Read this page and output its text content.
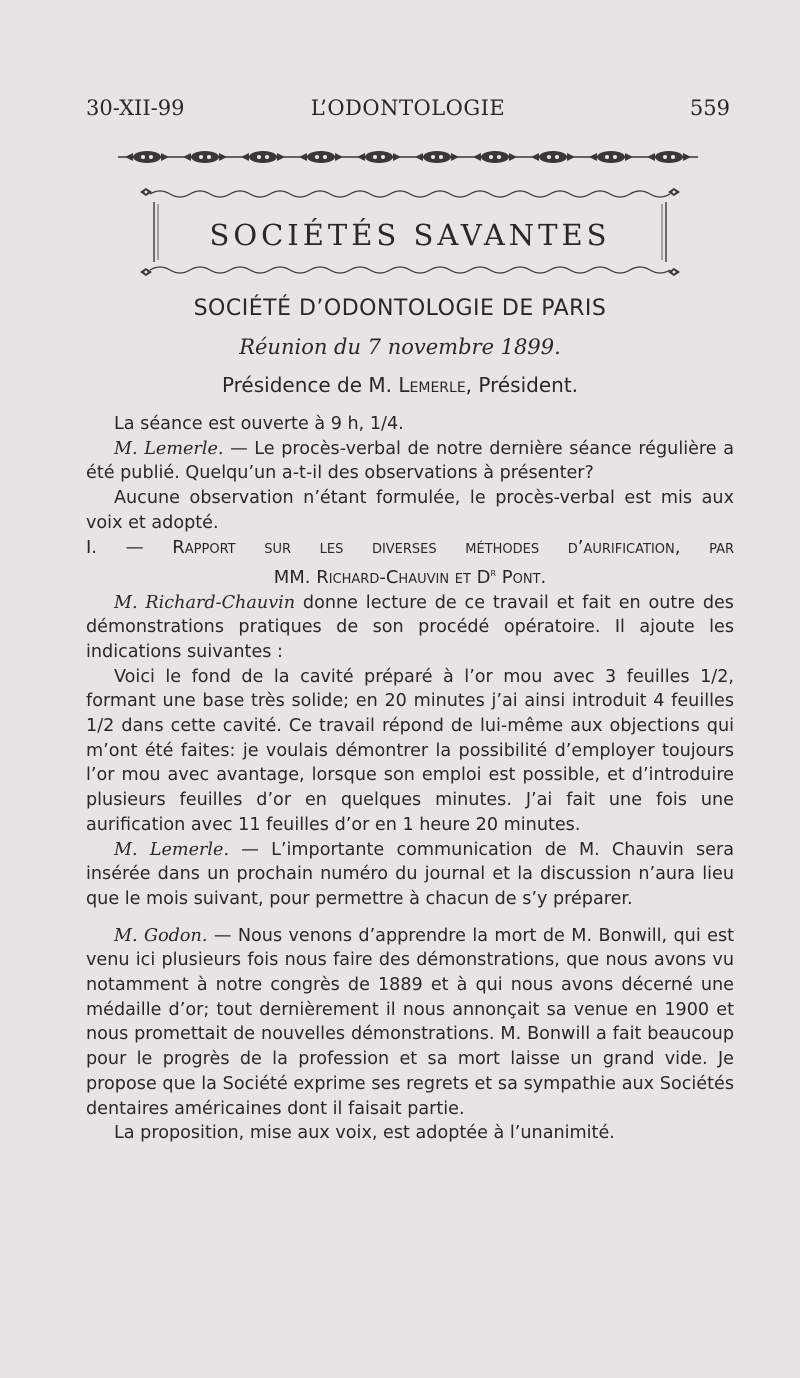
30-XII-99	L’ODONTOLOGIE	559
SOCIÉTÉS SAVANTES
SOCIÉTÉ D’ODONTOLOGIE DE PARIS
Réunion du 7 novembre 1899.
Présidence de M. Lemerle, Président.

La séance est ouverte à 9 h, 1/4.

M. Lemerle. — Le procès-verbal de notre dernière séance régulière a été publié. Quelqu’un a-t-il des observations à présenter?

Aucune observation n’étant formulée, le procès-verbal est mis aux voix et adopté.

I. — Rapport sur les diverses méthodes d’aurification, par

MM. Richard-Chauvin et $D^r$ Pont.

M. Richard-Chauvin donne lecture de ce travail et fait en outre des démonstrations pratiques de son procédé opératoire. Il ajoute les indications suivantes :

Voici le fond de la cavité préparé à l’or mou avec 3 feuilles 1/2, formant une base très solide; en 20 minutes j’ai ainsi introduit 4 feuilles 1/2 dans cette cavité. Ce travail répond de lui-même aux objections qui m’ont été faites: je voulais démontrer la possibilité d’employer toujours l’or mou avec avantage, lorsque son emploi est possible, et d’introduire plusieurs feuilles d’or en quelques minutes. J’ai fait une fois une aurification avec 11 feuilles d’or en 1 heure 20 minutes.

M. Lemerle. — L’importante communication de M. Chauvin sera insérée dans un prochain numéro du journal et la discussion n’aura lieu que le mois suivant, pour permettre à chacun de s’y préparer.

M. Godon. — Nous venons d’apprendre la mort de M. Bonwill, qui est venu ici plusieurs fois nous faire des démonstrations, que nous avons vu notamment à notre congrès de 1889 et à qui nous avons décerné une médaille d’or; tout dernièrement il nous annonçait sa venue en 1900 et nous promettait de nouvelles démonstrations. M. Bonwill a fait beaucoup pour le progrès de la profession et sa mort laisse un grand vide. Je propose que la Société exprime ses regrets et sa sympathie aux Sociétés dentaires américaines dont il faisait partie.

La proposition, mise aux voix, est adoptée à l’unanimité.
